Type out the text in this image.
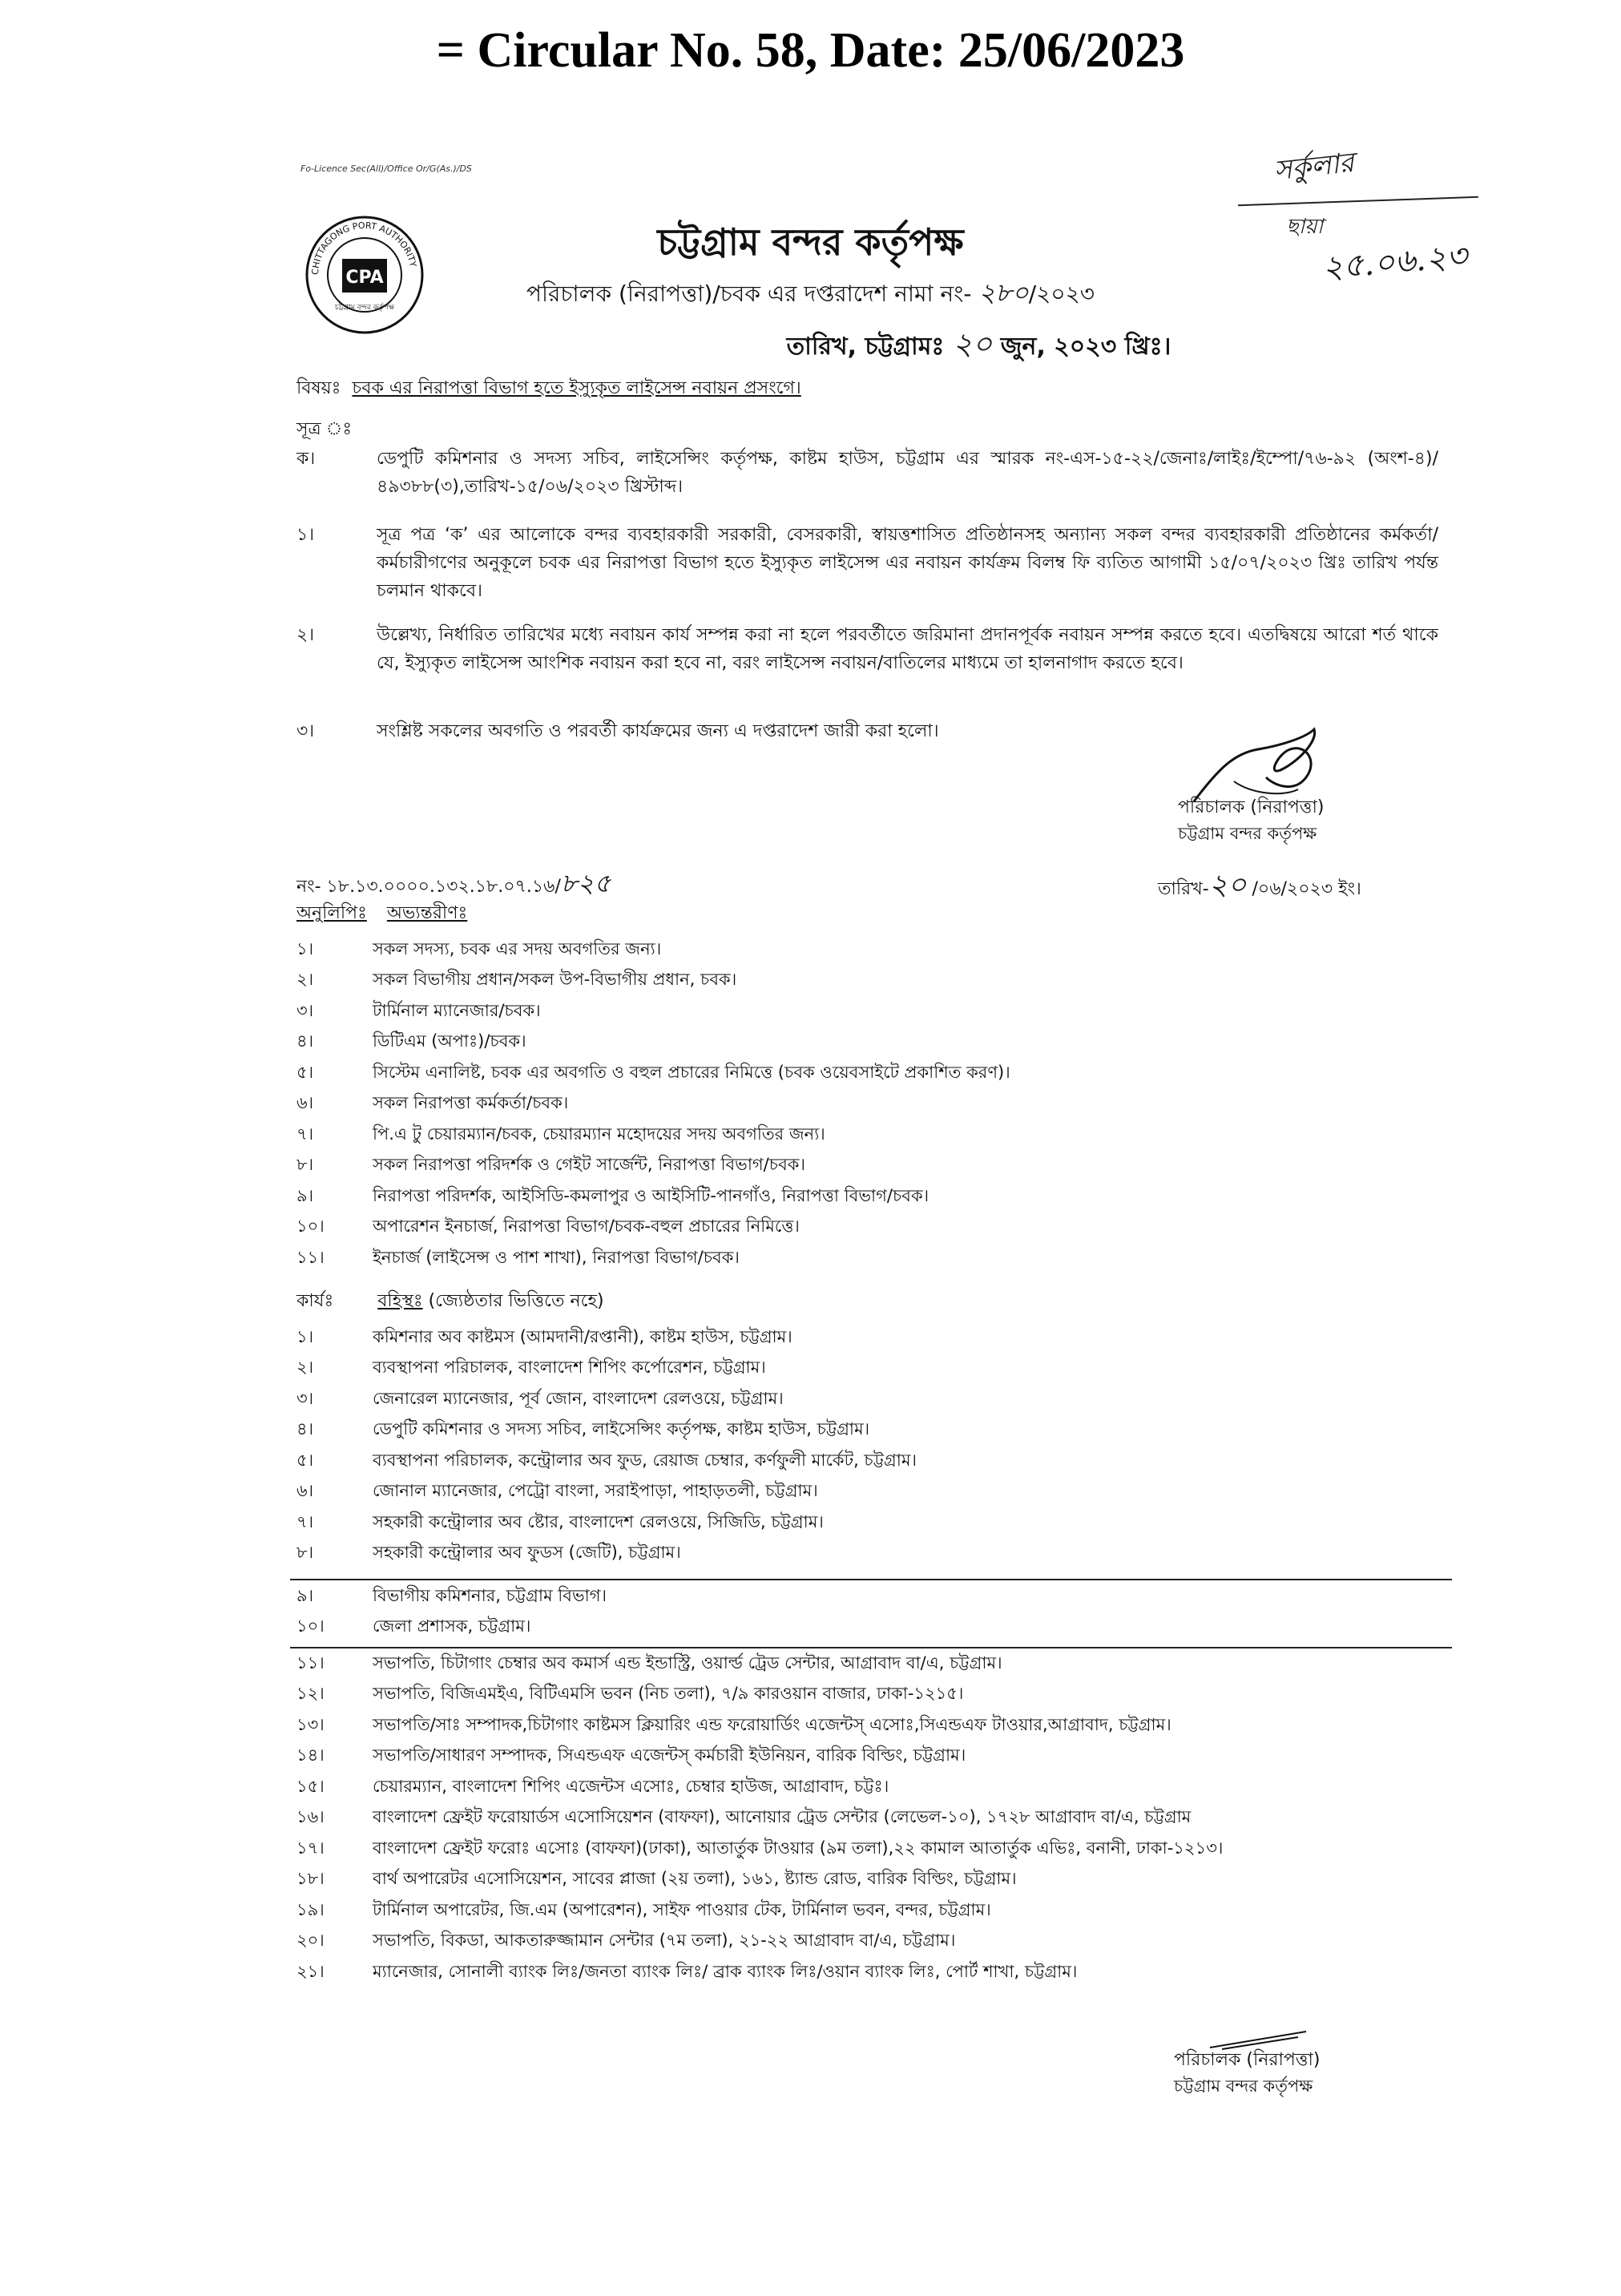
= Circular No. 58, Date: 25/06/2023
Fo-Licence Sec(All)/Office Or/G(As.)/DS
CHITTAGONG PORT AUTHORITY
CPA
চট্টগ্রাম বন্দর কর্তৃপক্ষ
সর্কুলার
ছায়া
২৫.০৬.২৩
চট্টগ্রাম বন্দর কর্তৃপক্ষ
পরিচালক (নিরাপত্তা)/চবক এর দপ্তরাদেশ নামা নং- ২৮০/২০২৩
তারিখ, চট্টগ্রামঃ ২০ জুন, ২০২৩ খ্রিঃ।
বিষয়ঃ চবক এর নিরাপত্তা বিভাগ হতে ইস্যুকৃত লাইসেন্স নবায়ন প্রসংগে।
সূত্র ঃ
ক।	ডেপুটি কমিশনার ও সদস্য সচিব, লাইসেন্সিং কর্তৃপক্ষ, কাষ্টম হাউস, চট্টগ্রাম এর স্মারক নং-এস-১৫-২২/জেনাঃ/লাইঃ/ইম্পো/৭৬-৯২ (অংশ-৪)/৪৯৩৮৮(৩),তারিখ-১৫/০৬/২০২৩ খ্রিস্টাব্দ।
১।	সূত্র পত্র ‘ক’ এর আলোকে বন্দর ব্যবহারকারী সরকারী, বেসরকারী, স্বায়ত্তশাসিত প্রতিষ্ঠানসহ অন্যান্য সকল বন্দর ব্যবহারকারী প্রতিষ্ঠানের কর্মকর্তা/কর্মচারীগণের অনুকূলে চবক এর নিরাপত্তা বিভাগ হতে ইস্যুকৃত লাইসেন্স এর নবায়ন কার্যক্রম বিলম্ব ফি ব্যতিত আগামী ১৫/০৭/২০২৩ খ্রিঃ তারিখ পর্যন্ত চলমান থাকবে।
২।	উল্লেখ্য, নির্ধারিত তারিখের মধ্যে নবায়ন কার্য সম্পন্ন করা না হলে পরবর্তীতে জরিমানা প্রদানপূর্বক নবায়ন সম্পন্ন করতে হবে। এতদ্বিষয়ে আরো শর্ত থাকে যে, ইস্যুকৃত লাইসেন্স আংশিক নবায়ন করা হবে না, বরং লাইসেন্স নবায়ন/বাতিলের মাধ্যমে তা হালনাগাদ করতে হবে।
৩।	সংশ্লিষ্ট সকলের অবগতি ও পরবর্তী কার্যক্রমের জন্য এ দপ্তরাদেশ জারী করা হলো।
পরিচালক (নিরাপত্তা)
চট্টগ্রাম বন্দর কর্তৃপক্ষ
নং- ১৮.১৩.০০০০.১৩২.১৮.০৭.১৬/৮২৫	তারিখ-২০ /০৬/২০২৩ ইং।
অনুলিপিঃ অভ্যন্তরীণঃ
১।	সকল সদস্য, চবক এর সদয় অবগতির জন্য।
২।	সকল বিভাগীয় প্রধান/সকল উপ-বিভাগীয় প্রধান, চবক।
৩।	টার্মিনাল ম্যানেজার/চবক।
৪।	ডিটিএম (অপাঃ)/চবক।
৫।	সিস্টেম এনালিষ্ট, চবক এর অবগতি ও বহুল প্রচারের নিমিত্তে (চবক ওয়েবসাইটে প্রকাশিত করণ)।
৬।	সকল নিরাপত্তা কর্মকর্তা/চবক।
৭।	পি.এ টু চেয়ারম্যান/চবক, চেয়ারম্যান মহোদয়ের সদয় অবগতির জন্য।
৮।	সকল নিরাপত্তা পরিদর্শক ও গেইট সার্জেন্ট, নিরাপত্তা বিভাগ/চবক।
৯।	নিরাপত্তা পরিদর্শক, আইসিডি-কমলাপুর ও আইসিটি-পানগাঁও, নিরাপত্তা বিভাগ/চবক।
১০।	অপারেশন ইনচার্জ, নিরাপত্তা বিভাগ/চবক-বহুল প্রচারের নিমিত্তে।
১১।	ইনচার্জ (লাইসেন্স ও পাশ শাখা), নিরাপত্তা বিভাগ/চবক।
কার্যঃ	বহিস্থঃ (জ্যেষ্ঠতার ভিত্তিতে নহে)
১।	কমিশনার অব কাষ্টমস (আমদানী/রপ্তানী), কাষ্টম হাউস, চট্টগ্রাম।
২।	ব্যবস্থাপনা পরিচালক, বাংলাদেশ শিপিং কর্পোরেশন, চট্টগ্রাম।
৩।	জেনারেল ম্যানেজার, পূর্ব জোন, বাংলাদেশ রেলওয়ে, চট্টগ্রাম।
৪।	ডেপুটি কমিশনার ও সদস্য সচিব, লাইসেন্সিং কর্তৃপক্ষ, কাষ্টম হাউস, চট্টগ্রাম।
৫।	ব্যবস্থাপনা পরিচালক, কন্ট্রোলার অব ফুড, রেয়াজ চেম্বার, কর্ণফুলী মার্কেট, চট্টগ্রাম।
৬।	জোনাল ম্যানেজার, পেট্রো বাংলা, সরাইপাড়া, পাহাড়তলী, চট্টগ্রাম।
৭।	সহকারী কন্ট্রোলার অব ষ্টোর, বাংলাদেশ রেলওয়ে, সিজিডি, চট্টগ্রাম।
৮।	সহকারী কন্ট্রোলার অব ফুডস (জেটি), চট্টগ্রাম।
৯।	বিভাগীয় কমিশনার, চট্টগ্রাম বিভাগ।
১০।	জেলা প্রশাসক, চট্টগ্রাম।
১১।	সভাপতি, চিটাগাং চেম্বার অব কমার্স এন্ড ইন্ডাস্ট্রি, ওয়ার্ল্ড ট্রেড সেন্টার, আগ্রাবাদ বা/এ, চট্টগ্রাম।
১২।	সভাপতি, বিজিএমইএ, বিটিএমসি ভবন (নিচ তলা), ৭/৯ কারওয়ান বাজার, ঢাকা-১২১৫।
১৩।	সভাপতি/সাঃ সম্পাদক,চিটাগাং কাষ্টমস ক্লিয়ারিং এন্ড ফরোয়ার্ডিং এজেন্টস্ এসোঃ,সিএন্ডএফ টাওয়ার,আগ্রাবাদ, চট্টগ্রাম।
১৪।	সভাপতি/সাধারণ সম্পাদক, সিএন্ডএফ এজেন্টস্ কর্মচারী ইউনিয়ন, বারিক বিল্ডিং, চট্টগ্রাম।
১৫।	চেয়ারম্যান, বাংলাদেশ শিপিং এজেন্টস এসোঃ, চেম্বার হাউজ, আগ্রাবাদ, চট্টঃ।
১৬।	বাংলাদেশ ফ্রেইট ফরোয়ার্ডস এসোসিয়েশন (বাফফা), আনোয়ার ট্রেড সেন্টার (লেভেল-১০), ১৭২৮ আগ্রাবাদ বা/এ, চট্টগ্রাম
১৭।	বাংলাদেশ ফ্রেইট ফরোঃ এসোঃ (বাফফা)(ঢাকা), আতার্তুক টাওয়ার (৯ম তলা),২২ কামাল আতার্তুক এভিঃ, বনানী, ঢাকা-১২১৩।
১৮।	বার্থ অপারেটর এসোসিয়েশন, সাবের প্লাজা (২য় তলা), ১৬১, ষ্ট্যান্ড রোড, বারিক বিল্ডিং, চট্টগ্রাম।
১৯।	টার্মিনাল অপারেটর, জি.এম (অপারেশন), সাইফ পাওয়ার টেক, টার্মিনাল ভবন, বন্দর, চট্টগ্রাম।
২০।	সভাপতি, বিকডা, আকতারুজ্জামান সেন্টার (৭ম তলা), ২১-২২ আগ্রাবাদ বা/এ, চট্টগ্রাম।
২১।	ম্যানেজার, সোনালী ব্যাংক লিঃ/জনতা ব্যাংক লিঃ/ ব্রাক ব্যাংক লিঃ/ওয়ান ব্যাংক লিঃ, পোর্ট শাখা, চট্টগ্রাম।
পরিচালক (নিরাপত্তা)
চট্টগ্রাম বন্দর কর্তৃপক্ষ
